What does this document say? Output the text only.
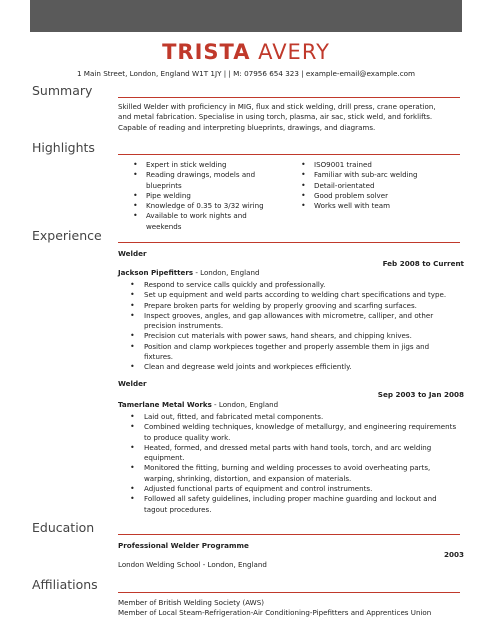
TRISTA AVERY
1 Main Street, London, England W1T 1JY | | M: 07956 654 323 | example-email@example.com
Summary
Skilled Welder with proficiency in MIG, flux and stick welding, drill press, crane operation,
and metal fabrication. Specialise in using torch, plasma, air sac, stick weld, and forklifts.
Capable of reading and interpreting blueprints, drawings, and diagrams.
Highlights
• Expert in stick welding
• Reading drawings, models and blueprints
• Pipe welding
• Knowledge of 0.35 to 3/32 wiring
• Available to work nights and weekends
• ISO9001 trained
• Familiar with sub-arc welding
• Detail-orientated
• Good problem solver
• Works well with team
Experience
Welder
Feb 2008 to Current
Jackson Pipefitters - London, England
• Respond to service calls quickly and professionally.
• Set up equipment and weld parts according to welding chart specifications and type.
• Prepare broken parts for welding by properly grooving and scarfing surfaces.
• Inspect grooves, angles, and gap allowances with micrometre, calliper, and other precision instruments.
• Precision cut materials with power saws, hand shears, and chipping knives.
• Position and clamp workpieces together and properly assemble them in jigs and fixtures.
• Clean and degrease weld joints and workpieces efficiently.
Welder
Sep 2003 to Jan 2008
Tamerlane Metal Works - London, England
• Laid out, fitted, and fabricated metal components.
• Combined welding techniques, knowledge of metallurgy, and engineering requirements to produce quality work.
• Heated, formed, and dressed metal parts with hand tools, torch, and arc welding equipment.
• Monitored the fitting, burning and welding processes to avoid overheating parts, warping, shrinking, distortion, and expansion of materials.
• Adjusted functional parts of equipment and control instruments.
• Followed all safety guidelines, including proper machine guarding and lockout and tagout procedures.
Education
Professional Welder Programme
2003
London Welding School - London, England
Affiliations
Member of British Welding Society (AWS)
Member of Local Steam-Refrigeration-Air Conditioning-Pipefitters and Apprentices Union
